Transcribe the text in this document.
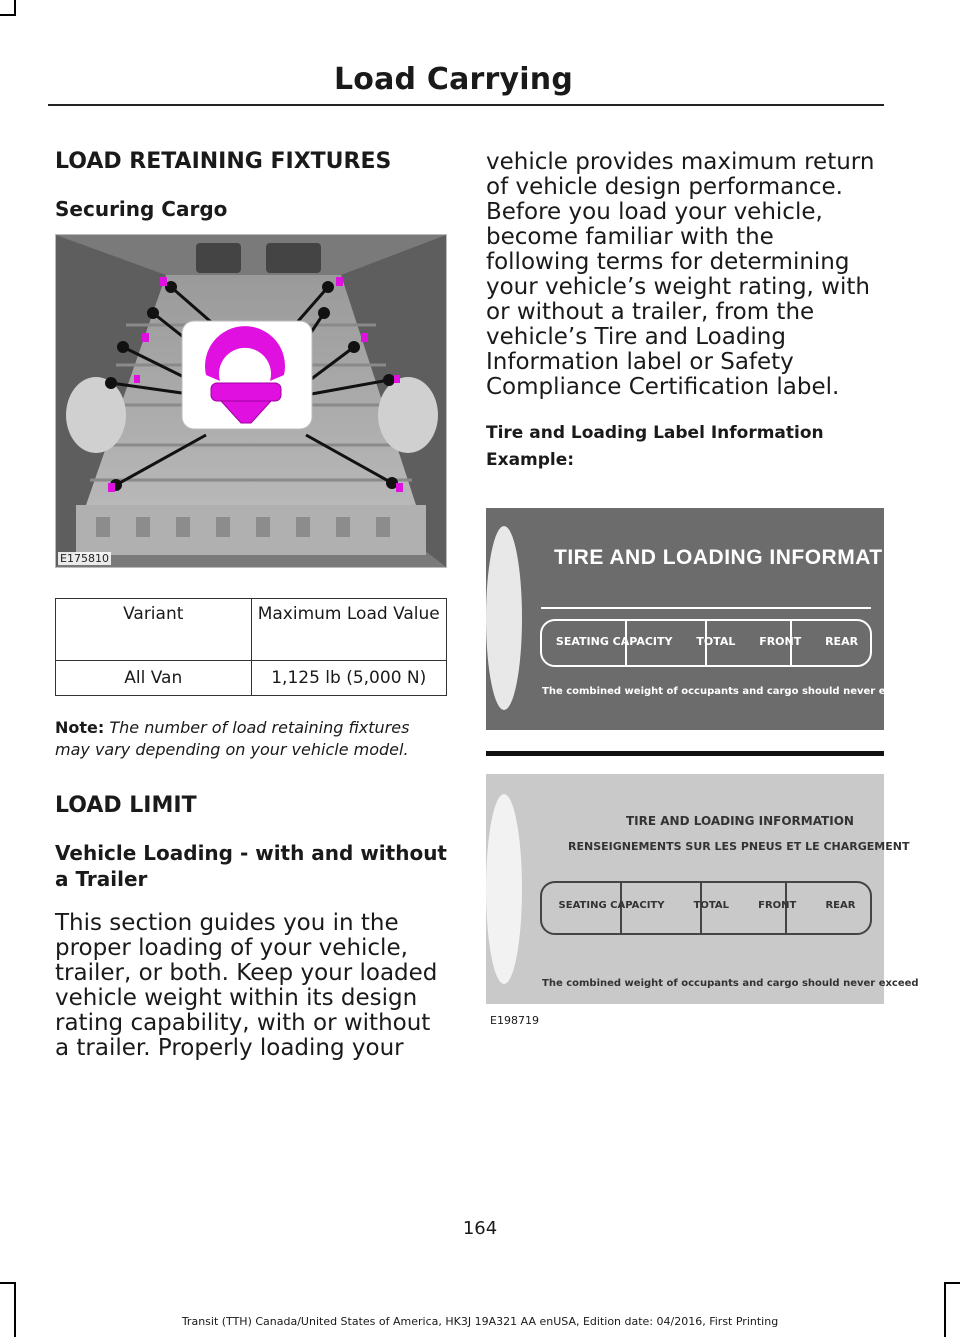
Load Carrying
LOAD RETAINING FIXTURES
Securing Cargo
E175810
Variant	Maximum Load Value
All Van	1,125 lb (5,000 N)

Note: The number of load retaining fixtures may vary depending on your vehicle model.

LOAD LIMIT
Vehicle Loading - with and without a Trailer

This section guides you in the proper loading of your vehicle, trailer, or both. Keep your loaded vehicle weight within its design rating capability, with or without a trailer. Properly loading your

vehicle provides maximum return of vehicle design performance. Before you load your vehicle, become familiar with the following terms for determining your vehicle’s weight rating, with or without a trailer, from the vehicle’s Tire and Loading Information label or Safety Compliance Certification label.

Tire and Loading Label Information
Example:
TIRE AND LOADING INFORMATION
SEATING CAPACITY TOTAL FRONT REAR
The combined weight of occupants and cargo should never exceed
TIRE AND LOADING INFORMATION
RENSEIGNEMENTS SUR LES PNEUS ET LE CHARGEMENT
SEATING CAPACITY	TOTAL	FRONT	REAR
The combined weight of occupants and cargo should never exceed
E198719
164
Transit (TTH) Canada/United States of America, HK3J 19A321 AA enUSA, Edition date: 04/2016, First Printing
